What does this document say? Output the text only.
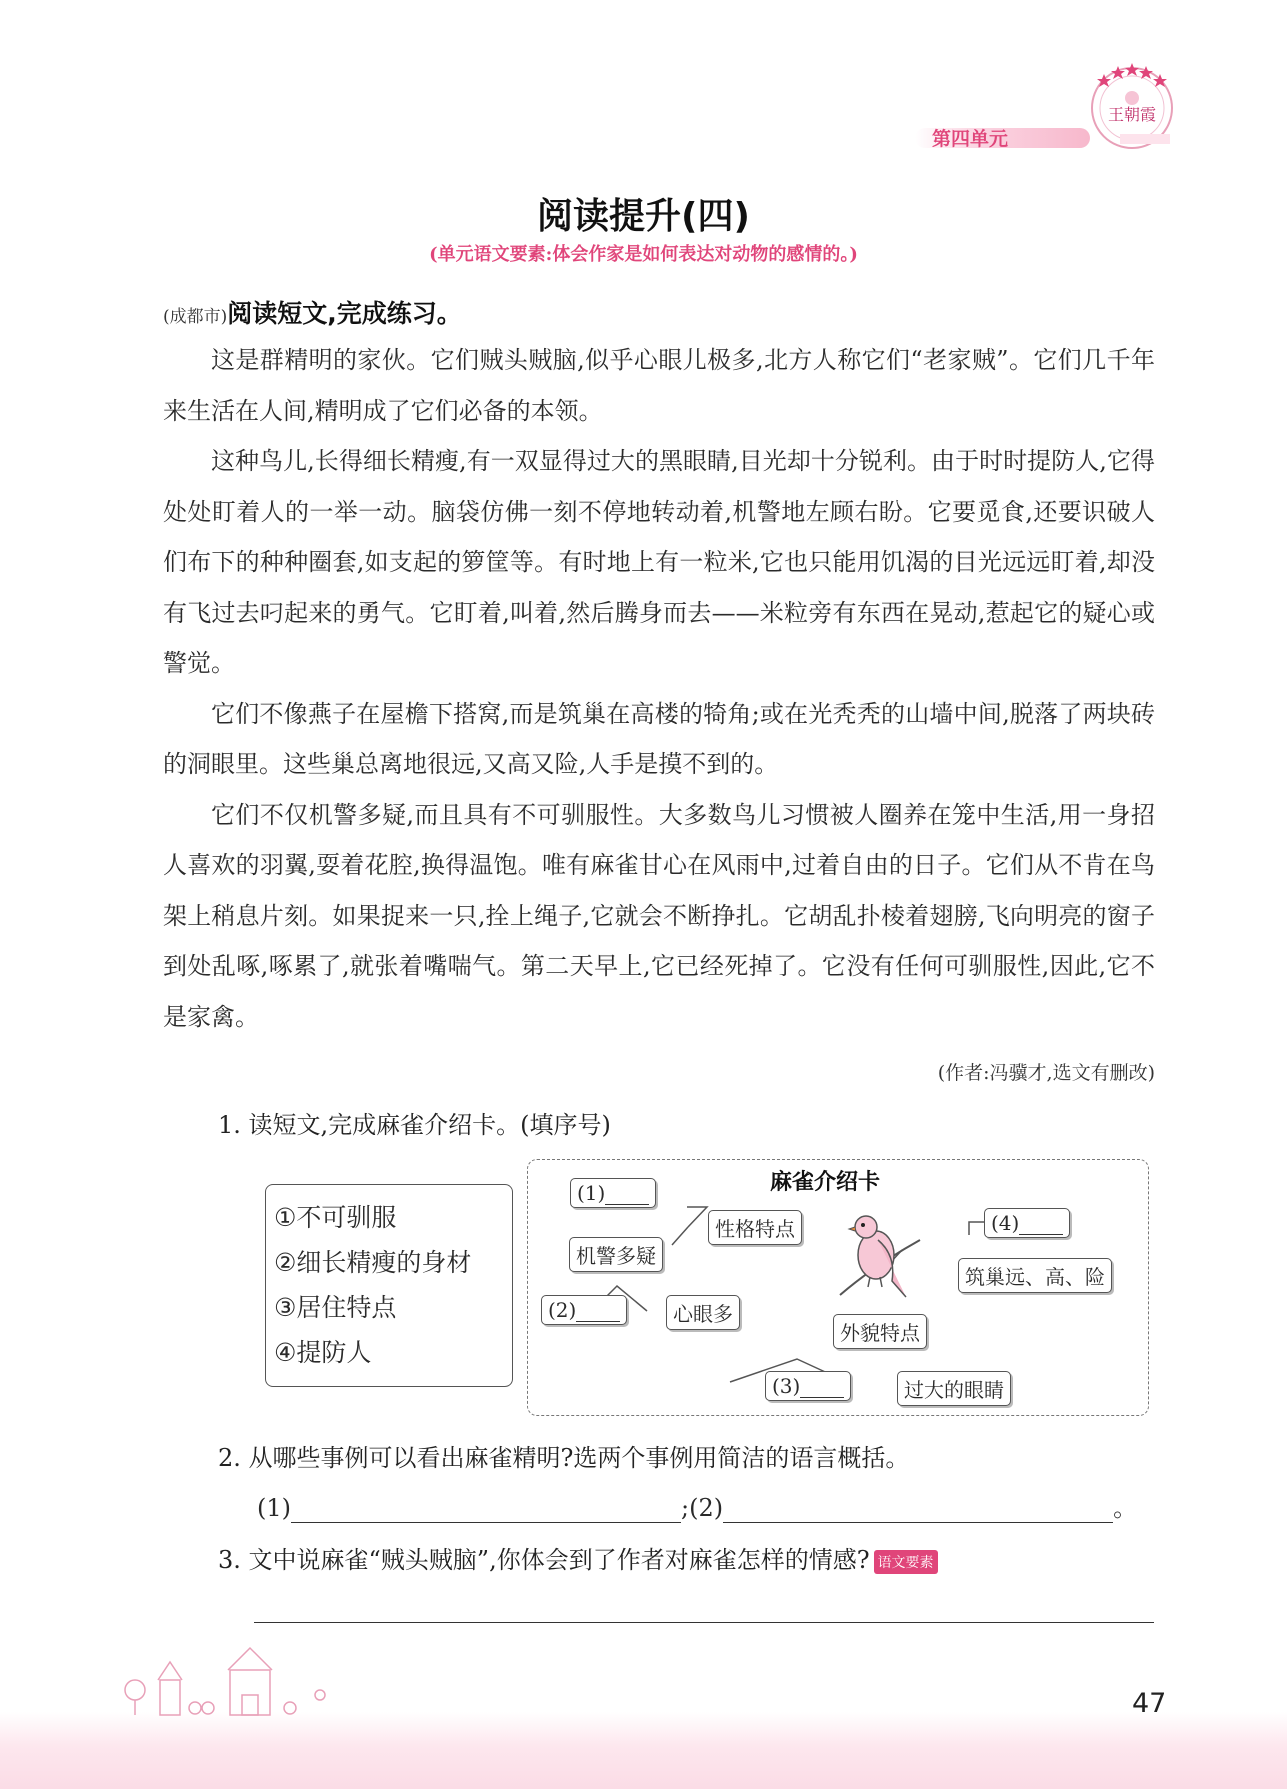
第四单元
王朝霞
阅读提升(四)
(单元语文要素:体会作家是如何表达对动物的感情的。)
(成都市)阅读短文,完成练习。

这是群精明的家伙。它们贼头贼脑,似乎心眼儿极多,北方人称它们“老家贼”。它们几千年来生活在人间,精明成了它们必备的本领。

这种鸟儿,长得细长精瘦,有一双显得过大的黑眼睛,目光却十分锐利。由于时时提防人,它得处处盯着人的一举一动。脑袋仿佛一刻不停地转动着,机警地左顾右盼。它要觅食,还要识破人们布下的种种圈套,如支起的箩筐等。有时地上有一粒米,它也只能用饥渴的目光远远盯着,却没有飞过去叼起来的勇气。它盯着,叫着,然后腾身而去——米粒旁有东西在晃动,惹起它的疑心或警觉。

它们不像燕子在屋檐下搭窝,而是筑巢在高楼的犄角;或在光秃秃的山墙中间,脱落了两块砖的洞眼里。这些巢总离地很远,又高又险,人手是摸不到的。

它们不仅机警多疑,而且具有不可驯服性。大多数鸟儿习惯被人圈养在笼中生活,用一身招人喜欢的羽翼,耍着花腔,换得温饱。唯有麻雀甘心在风雨中,过着自由的日子。它们从不肯在鸟架上稍息片刻。如果捉来一只,拴上绳子,它就会不断挣扎。它胡乱扑棱着翅膀,飞向明亮的窗子到处乱啄,啄累了,就张着嘴喘气。第二天早上,它已经死掉了。它没有任何可驯服性,因此,它不是家禽。

(作者:冯骥才,选文有删改)
1. 读短文,完成麻雀介绍卡。(填序号)
①不可驯服
②细长精瘦的身材
③居住特点
④提防人
麻雀介绍卡
(1)
性格特点
机警多疑
(2)	心眼多
外貌特点
(3)	过大的眼睛
(4)
筑巢远、高、险
2. 从哪些事例可以看出麻雀精明?选两个事例用简洁的语言概括。
(1)	;(2)	。
3. 文中说麻雀“贼头贼脑”,你体会到了作者对麻雀怎样的情感? 语文要素
47
